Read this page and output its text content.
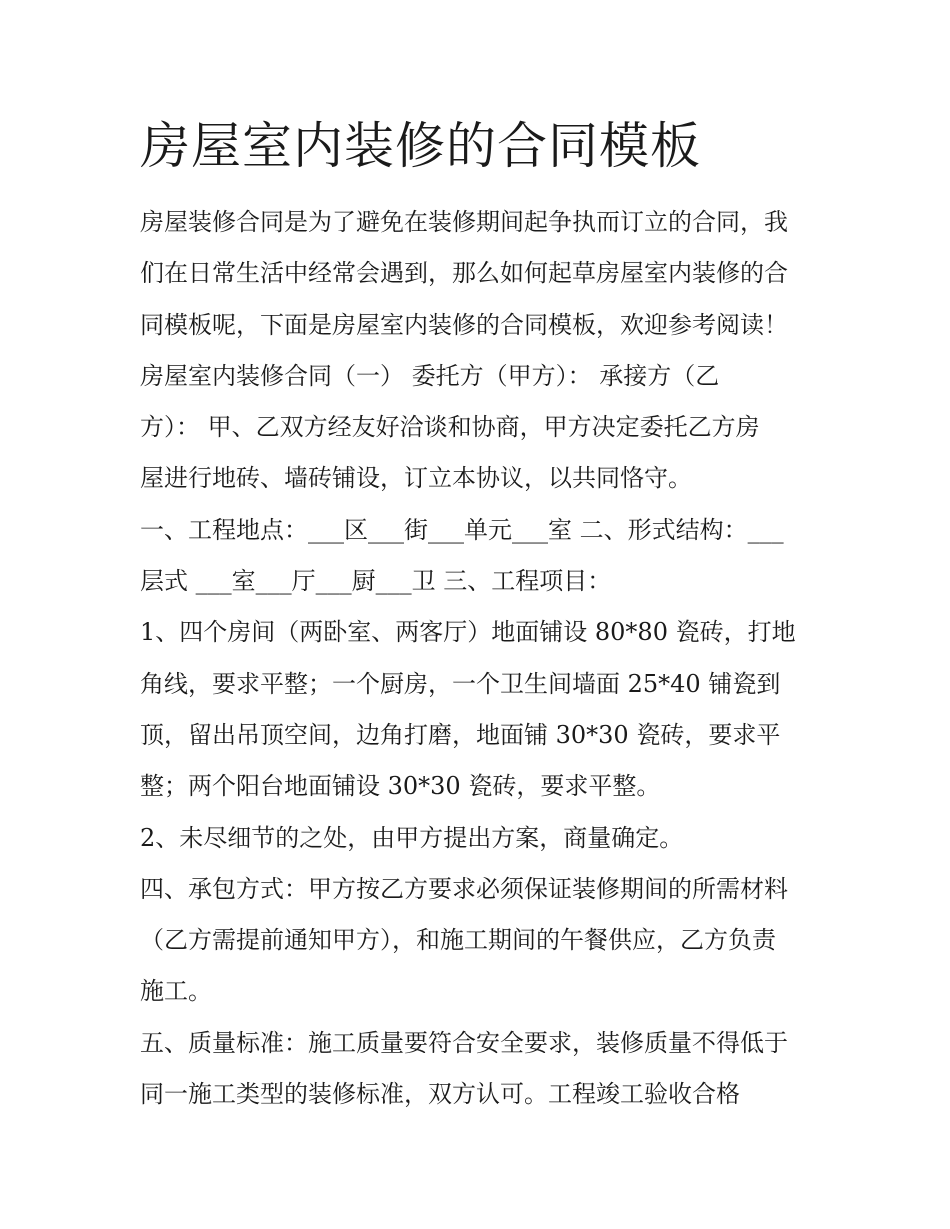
房屋室内装修的合同模板
房屋装修合同是为了避免在装修期间起争执而订立的合同，我
们在日常生活中经常会遇到，那么如何起草房屋室内装修的合
同模板呢，下面是房屋室内装修的合同模板，欢迎参考阅读！
房屋室内装修合同（一） 委托方（甲方）： 承接方（乙
方）： 甲、乙双方经友好洽谈和协商，甲方决定委托乙方房
屋进行地砖、墙砖铺设，订立本协议，以共同恪守。
一、工程地点：___区___街___单元___室 二、形式结构：___
层式 ___室___厅___厨___卫 三、工程项目：
1、四个房间（两卧室、两客厅）地面铺设 80*80 瓷砖，打地
角线，要求平整；一个厨房，一个卫生间墙面 25*40 铺瓷到
顶，留出吊顶空间，边角打磨，地面铺 30*30 瓷砖，要求平
整；两个阳台地面铺设 30*30 瓷砖，要求平整。
2、未尽细节的之处，由甲方提出方案，商量确定。
四、承包方式：甲方按乙方要求必须保证装修期间的所需材料
（乙方需提前通知甲方），和施工期间的午餐供应，乙方负责
施工。
五、质量标准：施工质量要符合安全要求，装修质量不得低于
同一施工类型的装修标准，双方认可。工程竣工验收合格
